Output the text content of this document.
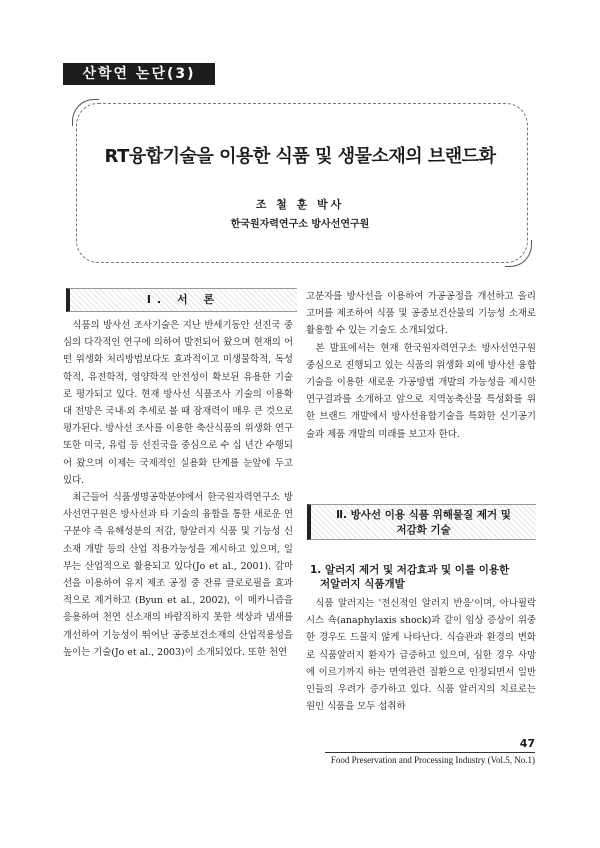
산학연 논단(3)
RT융합기술을 이용한 식품 및 생물소재의 브랜드화
조 철 훈 박사
한국원자력연구소 방사선연구원
Ⅰ. 서 론

식품의 방사선 조사기술은 지난 반세기동안 선진국 중심의 다각적인 연구에 의하여 발전되어 왔으며 현재의 어떤 위생화 처리방법보다도 효과적이고 미생물학적, 독성학적, 유전학적, 영양학적 안전성이 확보된 유용한 기술로 평가되고 있다. 현재 방사선 식품조사 기술의 이용확대 전망은 국내·외 추세로 볼 때 잠재력이 매우 큰 것으로 평가된다. 방사선 조사를 이용한 축산식품의 위생화 연구 또한 미국, 유럽 등 선진국을 중심으로 수 십 년간 수행되어 왔으며 이제는 국제적인 실용화 단계를 눈앞에 두고 있다.

최근들어 식품생명공학분야에서 한국원자력연구소 방사선연구원은 방사선과 타 기술의 융합을 통한 새로운 연구분야 즉 유해성분의 저감, 항알러지 식품 및 기능성 신소재 개발 등의 산업 적용가능성을 제시하고 있으며, 일부는 산업적으로 활용되고 있다(Jo et al., 2001). 감마선을 이용하여 유지 제조 공정 중 잔류 클로로필을 효과적으로 제거하고 (Byun et al., 2002), 이 메카니즘을 응용하여 천연 신소재의 바람직하지 못한 색상과 냄새를 개선하여 기능성이 뛰어난 공중보건소재의 산업적용성을 높이는 기술(Jo et al., 2003)이 소개되었다. 또한 천연

고분자를 방사선을 이용하여 가공공정을 개선하고 올리고머를 제조하여 식품 및 공중보건산물의 기능성 소재로 활용할 수 있는 기술도 소개되었다.

본 발표에서는 현재 한국원자력연구소 방사선연구원 중심으로 진행되고 있는 식품의 위생화 외에 방사선 융합기술을 이용한 새로운 가공방법 개발의 가능성을 제시한 연구결과를 소개하고 앞으로 지역농축산물 특성화를 위한 브랜드 개발에서 방사선융합기술을 특화한 신기공기술과 제품 개발의 미래를 보고자 한다.

Ⅱ. 방사선 이용 식품 위해물질 제거 및
저감화 기술
1. 알러지 제거 및 저감효과 및 이를 이용한
저알러지 식품개발

식품 알러지는 '전신적인 알러지 반응'이며, 아나필락시스 쇽(anaphylaxis shock)과 같이 임상 증상이 위중한 경우도 드물지 않게 나타난다. 식습관과 환경의 변화로 식품알러지 환자가 급증하고 있으며, 심한 경우 사망에 이르기까지 하는 면역관련 질환으로 인정되면서 일반인들의 우려가 증가하고 있다. 식품 알러지의 치료로는 원인 식품을 모두 섭취하

47
Food Preservation and Processing Industry (Vol.5, No.1)
